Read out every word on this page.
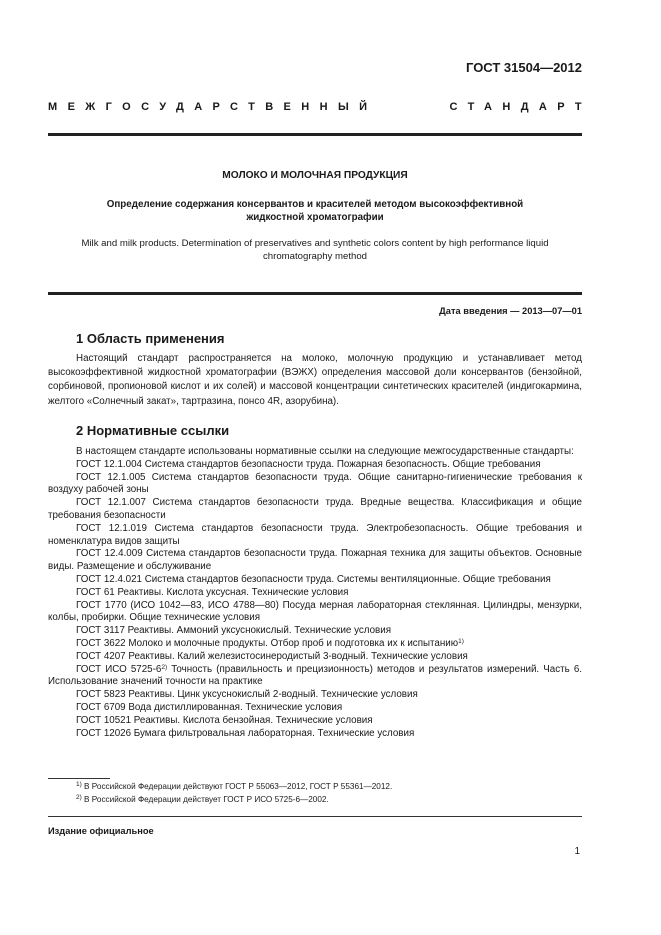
ГОСТ 31504—2012
МЕЖГОСУДАРСТВЕННЫЙ	СТАНДАРТ
МОЛОКО И МОЛОЧНАЯ ПРОДУКЦИЯ
Определение содержания консервантов и красителей методом высокоэффективной
жидкостной хроматографии
Milk and milk products. Determination of preservatives and synthetic colors content by high performance liquid
chromatography method
Дата введения — 2013—07—01
1 Область применения

Настоящий стандарт распространяется на молоко, молочную продукцию и устанавливает метод высокоэффективной жидкостной хроматографии (ВЭЖХ) определения массовой доли консервантов (бензойной, сорбиновой, пропионовой кислот и их солей) и массовой концентрации синтетических красителей (индигокармина, желтого «Солнечный закат», тартразина, понсо 4R, азорубина).

2 Нормативные ссылки
В настоящем стандарте использованы нормативные ссылки на следующие межгосударственные стандарты:
ГОСТ 12.1.004 Система стандартов безопасности труда. Пожарная безопасность. Общие требования
ГОСТ 12.1.005 Система стандартов безопасности труда. Общие санитарно-гигиенические требования к воздуху рабочей зоны
ГОСТ 12.1.007 Система стандартов безопасности труда. Вредные вещества. Классификация и общие требования безопасности
ГОСТ 12.1.019 Система стандартов безопасности труда. Электробезопасность. Общие требования и номенклатура видов защиты
ГОСТ 12.4.009 Система стандартов безопасности труда. Пожарная техника для защиты объектов. Основные виды. Размещение и обслуживание
ГОСТ 12.4.021 Система стандартов безопасности труда. Системы вентиляционные. Общие требования
ГОСТ 61 Реактивы. Кислота уксусная. Технические условия
ГОСТ 1770 (ИСО 1042—83, ИСО 4788—80) Посуда мерная лабораторная стеклянная. Цилиндры, мензурки, колбы, пробирки. Общие технические условия
ГОСТ 3117 Реактивы. Аммоний уксуснокислый. Технические условия
ГОСТ 3622 Молоко и молочные продукты. Отбор проб и подготовка их к испытанию$^{1)}$
ГОСТ 4207 Реактивы. Калий железистосинеродистый 3-водный. Технические условия
ГОСТ ИСО 5725-6$^{2)}$ Точность (правильность и прецизионность) методов и результатов измерений. Часть 6. Использование значений точности на практике
ГОСТ 5823 Реактивы. Цинк уксуснокислый 2-водный. Технические условия
ГОСТ 6709 Вода дистиллированная. Технические условия
ГОСТ 10521 Реактивы. Кислота бензойная. Технические условия
ГОСТ 12026 Бумага фильтровальная лабораторная. Технические условия
$^{1)}$ В Российской Федерации действуют ГОСТ Р 55063—2012, ГОСТ Р 55361—2012.
$^{2)}$ В Российской Федерации действует ГОСТ Р ИСО 5725-6—2002.
Издание официальное
1
